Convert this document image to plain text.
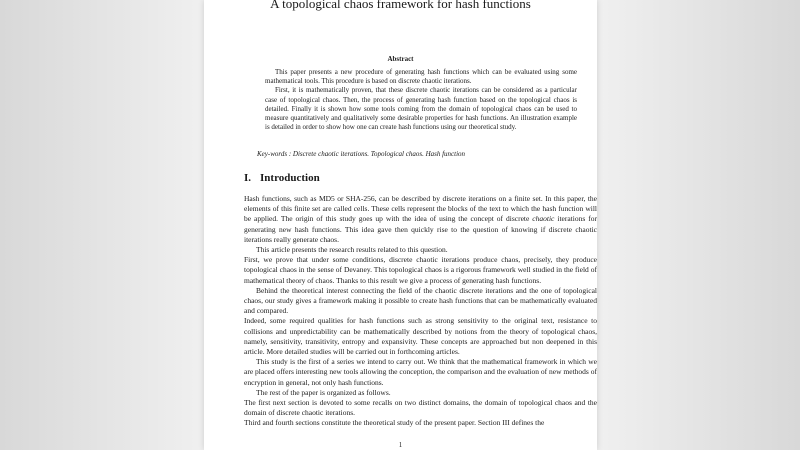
A topological chaos framework for hash functions
Abstract

This paper presents a new procedure of generating hash functions which can be evaluated using some mathematical tools. This procedure is based on discrete chaotic iterations.

First, it is mathematically proven, that these discrete chaotic iterations can be considered as a particular case of topological chaos. Then, the process of generating hash function based on the topological chaos is detailed. Finally it is shown how some tools coming from the domain of topological chaos can be used to measure quantitatively and qualitatively some desirable properties for hash functions. An illustration example is detailed in order to show how one can create hash functions using our theoretical study.

Key-words : Discrete chaotic iterations. Topological chaos. Hash function
I. Introduction

Hash functions, such as MD5 or SHA-256, can be described by discrete iterations on a finite set. In this paper, the elements of this finite set are called cells. These cells represent the blocks of the text to which the hash function will be applied. The origin of this study goes up with the idea of using the concept of discrete chaotic iterations for generating new hash functions. This idea gave then quickly rise to the question of knowing if discrete chaotic iterations really generate chaos.

This article presents the research results related to this question.

First, we prove that under some conditions, discrete chaotic iterations produce chaos, precisely, they produce topological chaos in the sense of Devaney. This topological chaos is a rigorous framework well studied in the field of mathematical theory of chaos. Thanks to this result we give a process of generating hash functions.

Behind the theoretical interest connecting the field of the chaotic discrete iterations and the one of topological chaos, our study gives a framework making it possible to create hash functions that can be mathematically evaluated and compared.

Indeed, some required qualities for hash functions such as strong sensitivity to the original text, resistance to collisions and unpredictability can be mathematically described by notions from the theory of topological chaos, namely, sensitivity, transitivity, entropy and expansivity. These concepts are approached but non deepened in this article. More detailed studies will be carried out in forthcoming articles.

This study is the first of a series we intend to carry out. We think that the mathematical framework in which we are placed offers interesting new tools allowing the conception, the comparison and the evaluation of new methods of encryption in general, not only hash functions.

The rest of the paper is organized as follows.

The first next section is devoted to some recalls on two distinct domains, the domain of topological chaos and the domain of discrete chaotic iterations.

Third and fourth sections constitute the theoretical study of the present paper. Section III defines the

1
